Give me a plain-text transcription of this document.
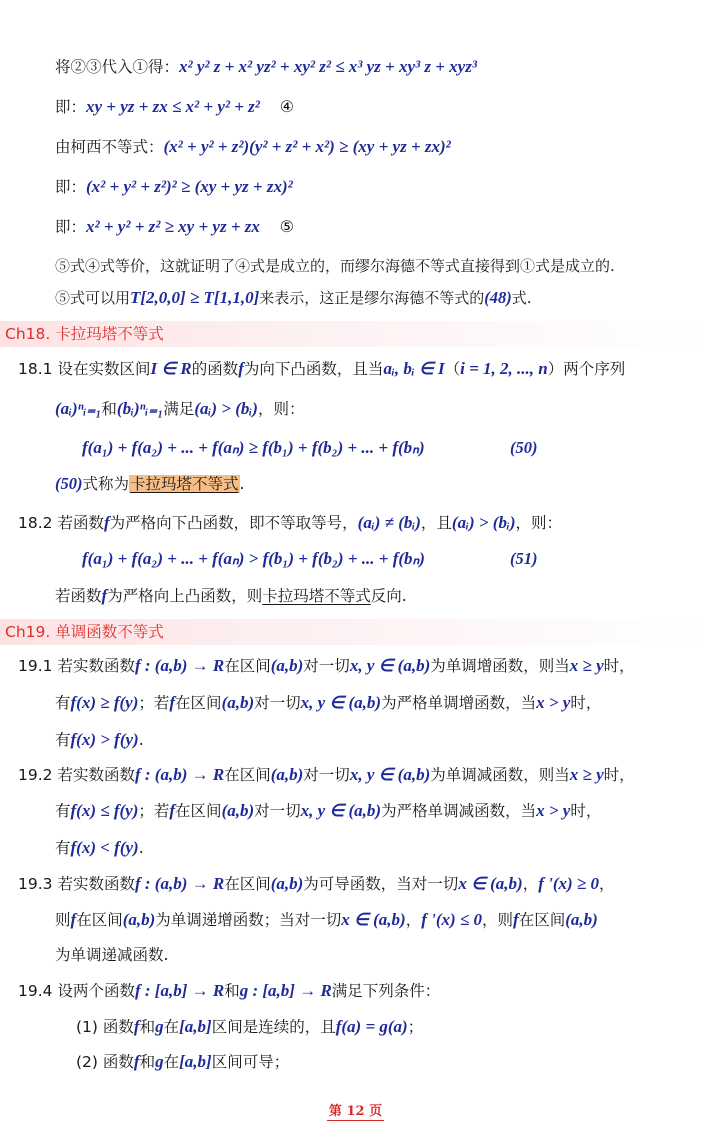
将②③代入①得：x² y² z + x² yz² + xy² z² ≤ x³ yz + xy³ z + xyz³
即：xy + yz + zx ≤ x² + y² + z² ④
由柯西不等式：(x² + y² + z²)(y² + z² + x²) ≥ (xy + yz + zx)²
即：(x² + y² + z²)² ≥ (xy + yz + zx)²
即：x² + y² + z² ≥ xy + yz + zx ⑤
⑤式④式等价，这就证明了④式是成立的，而缪尔海德不等式直接得到①式是成立的.
⑤式可以用T[2,0,0] ≥ T[1,1,0]来表示，这正是缪尔海德不等式的(48)式.
Ch18. 卡拉玛塔不等式
18.1 设在实数区间I ∈ R的函数f为向下凸函数，且当aᵢ, bᵢ ∈ I（i = 1, 2, ..., n）两个序列
(aᵢ)ⁿᵢ₌₁和(bᵢ)ⁿᵢ₌₁满足(aᵢ) > (bᵢ)，则：
f(a₁) + f(a₂) + ... + f(aₙ) ≥ f(b₁) + f(b₂) + ... + f(bₙ)	(50)
(50)式称为卡拉玛塔不等式.
18.2 若函数f为严格向下凸函数，即不等取等号，(aᵢ) ≠ (bᵢ)，且(aᵢ) > (bᵢ)，则：
f(a₁) + f(a₂) + ... + f(aₙ) > f(b₁) + f(b₂) + ... + f(bₙ)	(51)
若函数f为严格向上凸函数，则卡拉玛塔不等式反向.
Ch19. 单调函数不等式
19.1 若实数函数f : (a,b) → R在区间(a,b)对一切x, y ∈ (a,b)为单调增函数，则当x ≥ y时，
有f(x) ≥ f(y)；若f在区间(a,b)对一切x, y ∈ (a,b)为严格单调增函数，当x > y时，
有f(x) > f(y).
19.2 若实数函数f : (a,b) → R在区间(a,b)对一切x, y ∈ (a,b)为单调减函数，则当x ≥ y时，
有f(x) ≤ f(y)；若f在区间(a,b)对一切x, y ∈ (a,b)为严格单调减函数，当x > y时，
有f(x) < f(y).
19.3 若实数函数f : (a,b) → R在区间(a,b)为可导函数，当对一切x ∈ (a,b)，f '(x) ≥ 0，
则f在区间(a,b)为单调递增函数；当对一切x ∈ (a,b)，f '(x) ≤ 0，则f在区间(a,b)
为单调递减函数.
19.4 设两个函数f : [a,b] → R和g : [a,b] → R满足下列条件：
(1) 函数f和g在[a,b]区间是连续的，且f(a) = g(a)；
(2) 函数f和g在[a,b]区间可导；
第 12 页
